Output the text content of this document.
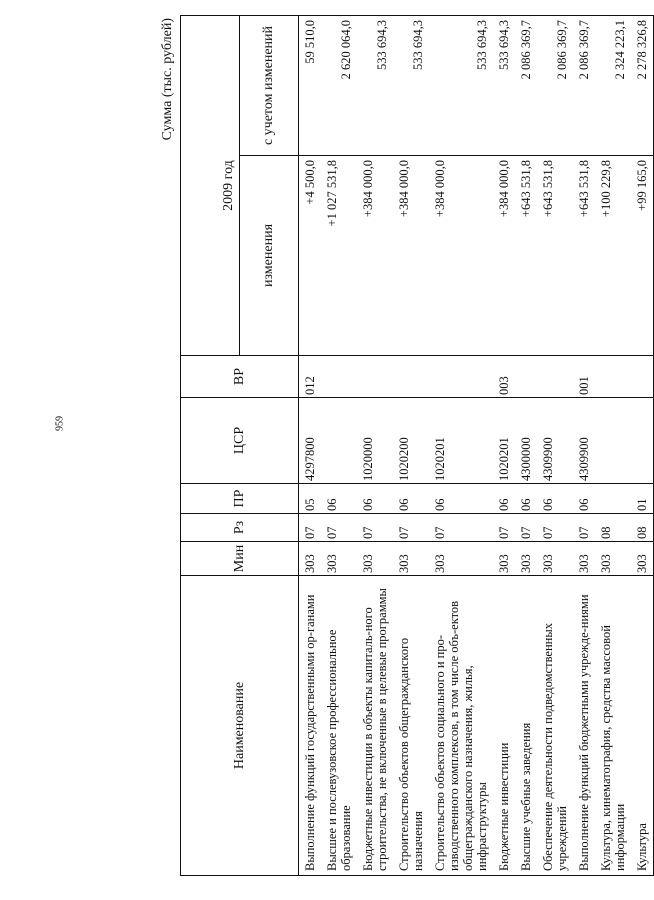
959
Сумма (тыс. рублей)
Наименование	Мин	Рз	ПР	ЦСР	ВР		
						2009 год	
						изменения	с учетом изменений
Выполнение функций государственными ор-ганами	303	07	05	4297800	012	+4 500,0	59 510,0
Высшее и послевузовское профессиональное образование	303	07	06			+1 027 531,8	2 620 064,0
Бюджетные инвестиции в объекты капиталь-ного строительства, не включенные в целевые программы	303	07	06	1020000		+384 000,0	533 694,3
Строительство объектов общегражданского назначения	303	07	06	1020200		+384 000,0	533 694,3
Строительство объектов социального и про-изводственного комплексов, в том числе объ-ектов общегражданского назначения, жилья, инфраструктуры	303	07	06	1020201		+384 000,0	533 694,3
Бюджетные инвестиции	303	07	06	1020201	003	+384 000,0	533 694,3
Высшие учебные заведения	303	07	06	4300000		+643 531,8	2 086 369,7
Обеспечение деятельности подведомственных учреждений	303	07	06	4309900		+643 531,8	2 086 369,7
Выполнение функций бюджетными учрежде-ниями	303	07	06	4309900	001	+643 531,8	2 086 369,7
Культура, кинематография, средства массовой информации	303	08				+100 229,8	2 324 223,1
Культура	303	08	01			+99 165,0	2 278 326,8
